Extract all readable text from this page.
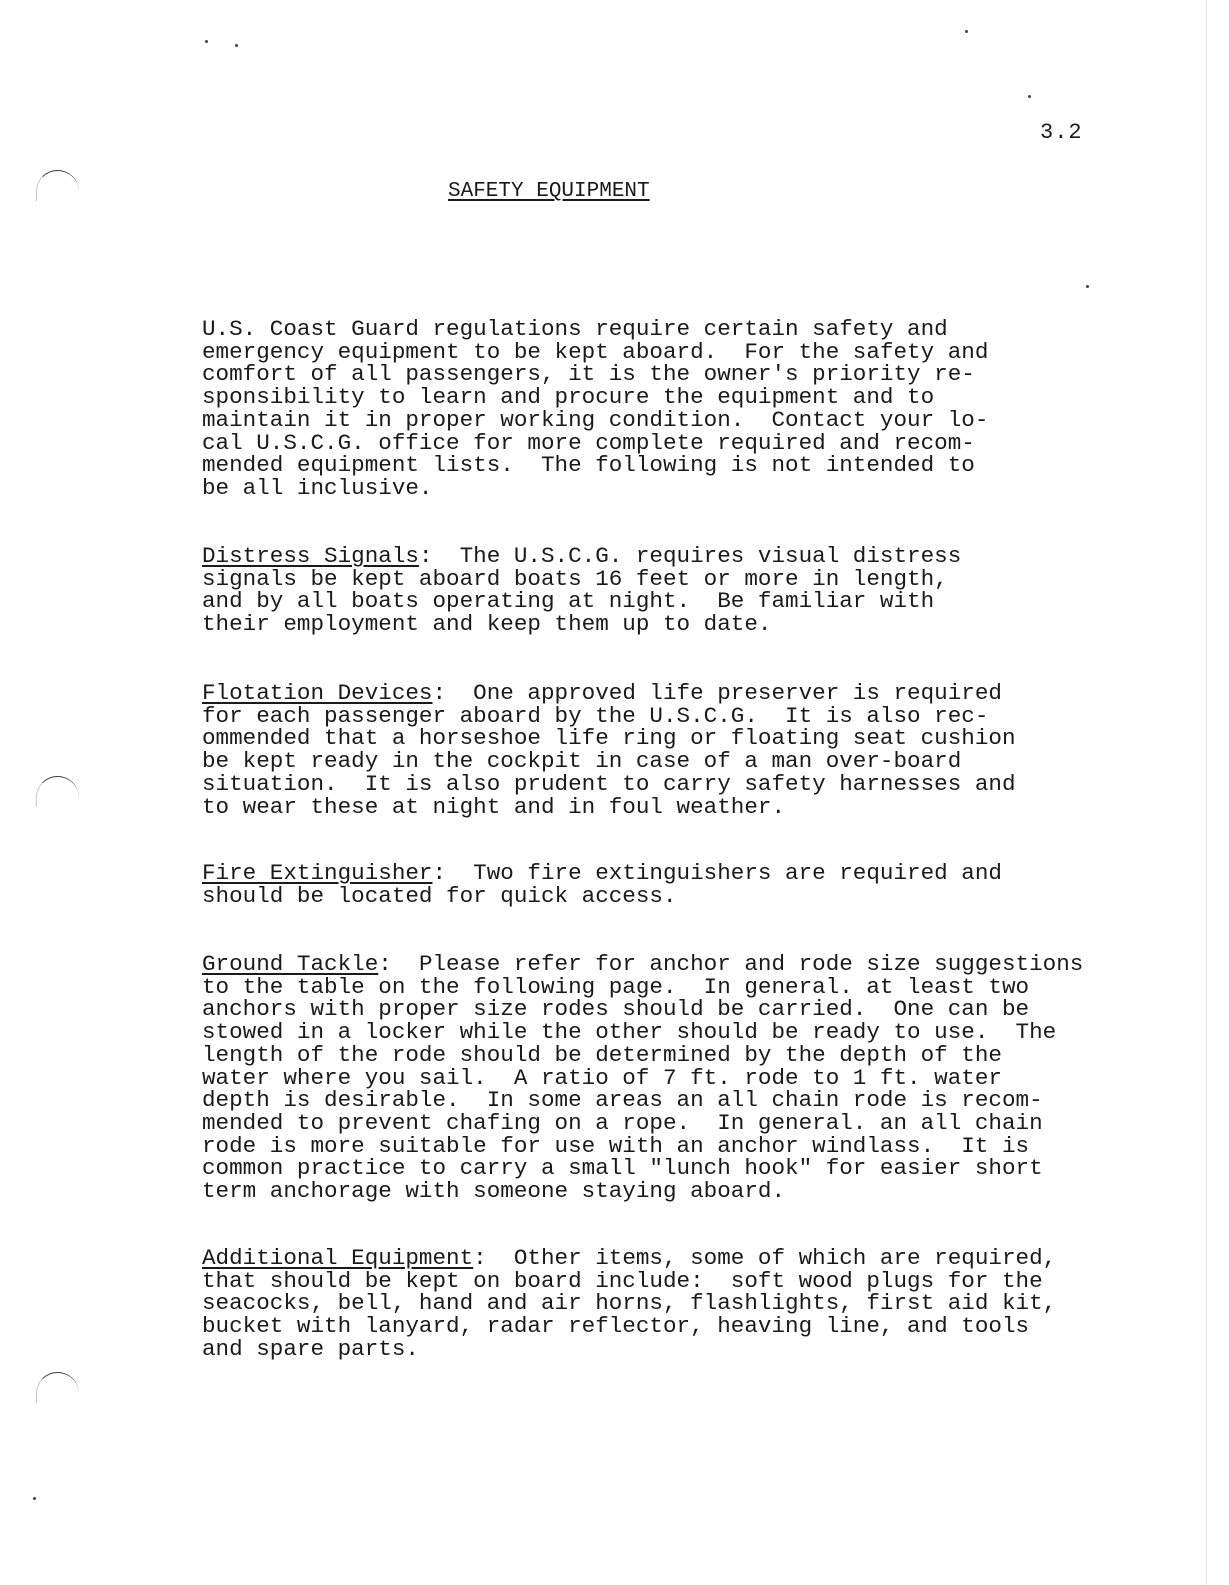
3.2
SAFETY EQUIPMENT

U.S. Coast Guard regulations require certain safety and
emergency equipment to be kept aboard.  For the safety and
comfort of all passengers, it is the owner's priority re-
sponsibility to learn and procure the equipment and to
maintain it in proper working condition.  Contact your lo-
cal U.S.C.G. office for more complete required and recom-
mended equipment lists.  The following is not intended to
be all inclusive.

Distress Signals:  The U.S.C.G. requires visual distress
signals be kept aboard boats 16 feet or more in length,
and by all boats operating at night.  Be familiar with
their employment and keep them up to date.

Flotation Devices:  One approved life preserver is required
for each passenger aboard by the U.S.C.G.  It is also rec-
ommended that a horseshoe life ring or floating seat cushion
be kept ready in the cockpit in case of a man over-board
situation.  It is also prudent to carry safety harnesses and
to wear these at night and in foul weather.

Fire Extinguisher:  Two fire extinguishers are required and
should be located for quick access.

Ground Tackle:  Please refer for anchor and rode size suggestions
to the table on the following page.  In general. at least two
anchors with proper size rodes should be carried.  One can be
stowed in a locker while the other should be ready to use.  The
length of the rode should be determined by the depth of the
water where you sail.  A ratio of 7 ft. rode to 1 ft. water
depth is desirable.  In some areas an all chain rode is recom-
mended to prevent chafing on a rope.  In general. an all chain
rode is more suitable for use with an anchor windlass.  It is
common practice to carry a small "lunch hook" for easier short
term anchorage with someone staying aboard.

Additional Equipment:  Other items, some of which are required,
that should be kept on board include:  soft wood plugs for the
seacocks, bell, hand and air horns, flashlights, first aid kit,
bucket with lanyard, radar reflector, heaving line, and tools
and spare parts.
